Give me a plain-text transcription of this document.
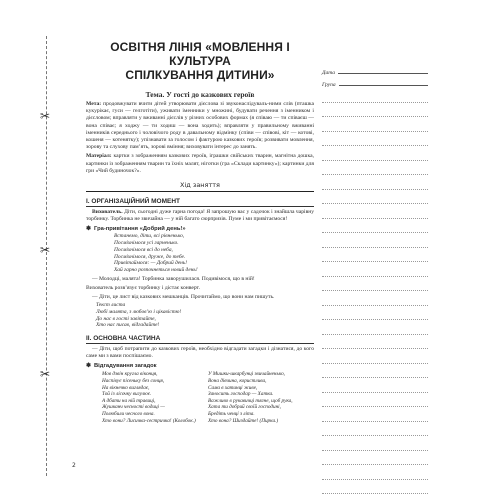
✂
✂
✂
2
ОСВІТНЯ ЛІНІЯ «МОВЛЕННЯ І КУЛЬТУРА
СПІЛКУВАННЯ ДИТИНИ»
Тема. У гості до казкових героїв
Мета: продовжувати вчити дітей утворювати дієслова зі звуконаслідуваль-ними слів (пташка кукурікає, гуси — гелготіти), уживати іменники у множині, будувати речення з іменником і дієсловом; вправляти у вживанні дієслів у різних особових формах (я співаю — ти співаєш — вона співає; я ходжу — ти ходиш — вона ходить); вправляти у правильному вживанні іменників середнього і чоловічого роду в давальному відмінку (співи — співові, кіт — котові, кошеня — котенятку); упізнавати за голосом і фактурою казкових героїв; розвивати мовлення, зорову та слухову пам’ять, зорові вміння; виховувати інтерес до занять.
Матеріал: картки з зображенням казкових героїв, іграшки свійських тварин, магнітна дошка, картинки із зображенням тварин та їхніх малят, ніготки (гра «Склади картинку»); картинки для гри «Чий будиночок?».
Хід заняття
І. ОРГАНІЗАЦІЙНИЙ МОМЕНТ
Вихователь. Діти, сьогодні дуже гарна погода! Я запрошую вас у садочок і знайшла чарівну торбинку. Торбинка не звичайна — у ній багато сюрпризів. Пуме і ми привітаємося!
✽ Гра-привітання «Добрий день!»
Встанемо, діти, всі рівненько,
Посміхнімося усі гарненько.
Посміхнімося всі до неба,
Посміхнімося, друже, до тебе.
Привітаймося: — Добрий день!
Хай гарно розпочнеться новий день!
— Молодці, малята! Торбинка заворушилася. Подивімося, що в ній!
Вихователь розв’язує торбинку і дістає конверт.
— Діти, це лист від казкових мешканців. Прочитаймо, що вони нам пишуть.
Текст листа
Любі малята, з любов’ю і цікавістю!
До нас в гості завітайте,
Хто нас писав, відгадайте!
ІІ. ОСНОВНА ЧАСТИНА
— Діти, щоб потрапити до казкових героїв, необхідно відгадати загадки і дізнатися, до кого саме ми з вами поспішаємо.
✽ Відгадування загадок
Мов дзвін кругла віконця,
Наспівує пісеньку без сонця,
На вікнечко виглядає,
Той із лісочку вигулює.
А дбати на ній травиці,
Жушканч чесності водиці —
Полюбили чесного вона.
Хто вони? Лисичка-сестричка! (Колобок.)
У Мишки-шкарбунці звичайненько,
Вона дівчина, користлива,
Сама в хатинці живе,
Заносить господар — Хатка.
Важливо в рукавичці тягне, щоб рука,
Хата ти добрий своїй господині,
Бредіть ченці з літа.
Хто вона? Шиздайте! (Пирка.)
Дата
Група
